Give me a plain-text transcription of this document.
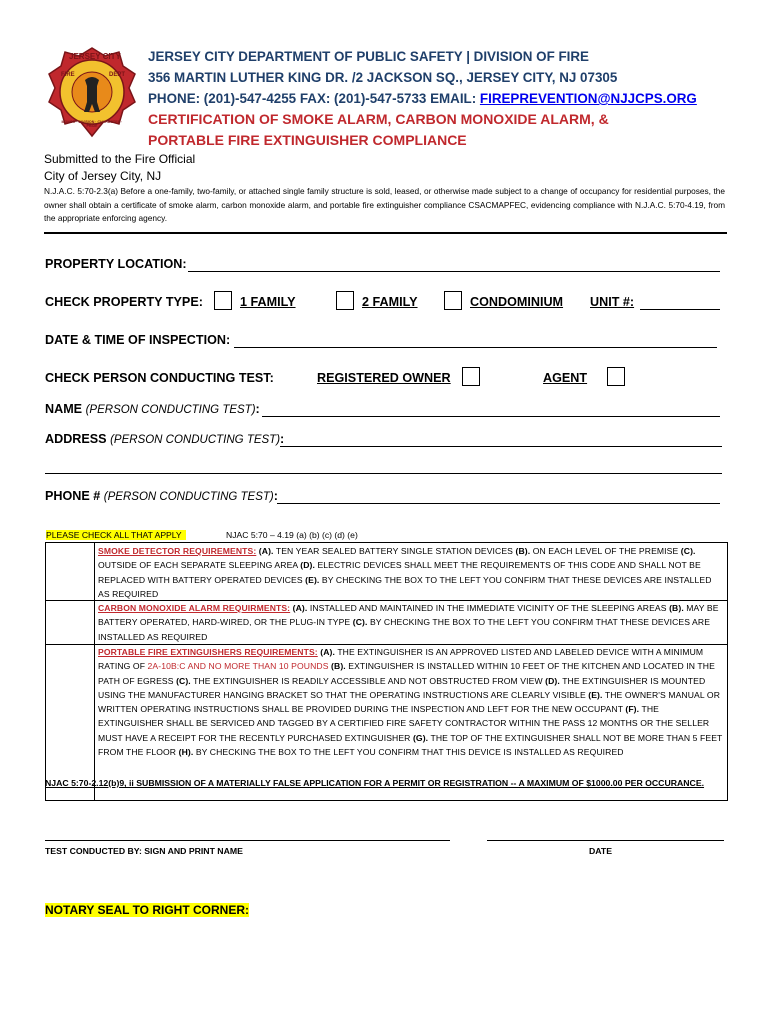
JERSEY CITY
FIRE	DEPT
MONOR · DIVISION · CHARACTER · PRIDE
JERSEY CITY DEPARTMENT OF PUBLIC SAFETY | DIVISION OF FIRE
356 MARTIN LUTHER KING DR. /2 JACKSON SQ., JERSEY CITY, NJ 07305
PHONE: (201)-547-4255 FAX: (201)-547-5733 EMAIL: FIREPREVENTION@NJJCPS.ORG
CERTIFICATION OF SMOKE ALARM, CARBON MONOXIDE ALARM, &
PORTABLE FIRE EXTINGUISHER COMPLIANCE
Submitted to the Fire Official
City of Jersey City, NJ
N.J.A.C. 5:70-2.3(a) Before a one-family, two-family, or attached single family structure is sold, leased, or otherwise made subject to a change of occupancy for residential purposes, the owner shall obtain a certificate of smoke alarm, carbon monoxide alarm, and portable fire extinguisher compliance CSACMAPFEC, evidencing compliance with N.J.A.C. 5:70-4.19, from the appropriate enforcing agency.
PROPERTY LOCATION:
CHECK PROPERTY TYPE:	1 FAMILY	2 FAMILY	CONDOMINIUM UNIT #:
DATE & TIME OF INSPECTION:
CHECK PERSON CONDUCTING TEST:	REGISTERED OWNER	AGENT
NAME (PERSON CONDUCTING TEST):
ADDRESS (PERSON CONDUCTING TEST):
PHONE # (PERSON CONDUCTING TEST):
PLEASE CHECK ALL THAT APPLY	NJAC 5:70 – 4.19 (a) (b) (c) (d) (e)
SMOKE DETECTOR REQUIREMENTS: (A). TEN YEAR SEALED BATTERY SINGLE STATION DEVICES (B). ON EACH LEVEL OF THE PREMISE (C). OUTSIDE OF EACH SEPARATE SLEEPING AREA (D). ELECTRIC DEVICES SHALL MEET THE REQUIREMENTS OF THIS CODE AND SHALL NOT BE REPLACED WITH BATTERY OPERATED DEVICES (E). BY CHECKING THE BOX TO THE LEFT YOU CONFIRM THAT THESE DEVICES ARE INSTALLED AS REQUIRED
CARBON MONOXIDE ALARM REQUIRMENTS: (A). INSTALLED AND MAINTAINED IN THE IMMEDIATE VICINITY OF THE SLEEPING AREAS (B). MAY BE BATTERY OPERATED, HARD-WIRED, OR THE PLUG-IN TYPE (C). BY CHECKING THE BOX TO THE LEFT YOU CONFIRM THAT THESE DEVICES ARE INSTALLED AS REQUIRED
PORTABLE FIRE EXTINGUISHERS REQUIREMENTS: (A). THE EXTINGUISHER IS AN APPROVED LISTED AND LABELED DEVICE WITH A MINIMUM RATING OF 2A-10B:C AND NO MORE THAN 10 POUNDS (B). EXTINGUISHER IS INSTALLED WITHIN 10 FEET OF THE KITCHEN AND LOCATED IN THE PATH OF EGRESS (C). THE EXTINGUISHER IS READILY ACCESSIBLE AND NOT OBSTRUCTED FROM VIEW (D). THE EXTINGUISHER IS MOUNTED USING THE MANUFACTURER HANGING BRACKET SO THAT THE OPERATING INSTRUCTIONS ARE CLEARLY VISIBLE (E). THE OWNER'S MANUAL OR WRITTEN OPERATING INSTRUCTIONS SHALL BE PROVIDED DURING THE INSPECTION AND LEFT FOR THE NEW OCCUPANT (F). THE EXTINGUISHER SHALL BE SERVICED AND TAGGED BY A CERTIFIED FIRE SAFETY CONTRACTOR WITHIN THE PASS 12 MONTHS OR THE SELLER MUST HAVE A RECEIPT FOR THE RECENTLY PURCHASED EXTINGUISHER (G). THE TOP OF THE EXTINGUISHER SHALL NOT BE MORE THAN 5 FEET FROM THE FLOOR (H). BY CHECKING THE BOX TO THE LEFT YOU CONFIRM THAT THIS DEVICE IS INSTALLED AS REQUIRED
NJAC 5:70-2.12(b)9, ii SUBMISSION OF A MATERIALLY FALSE APPLICATION FOR A PERMIT OR REGISTRATION -- A MAXIMUM OF $1000.00 PER OCCURANCE.
TEST CONDUCTED BY: SIGN AND PRINT NAME	DATE
NOTARY SEAL TO RIGHT CORNER:
